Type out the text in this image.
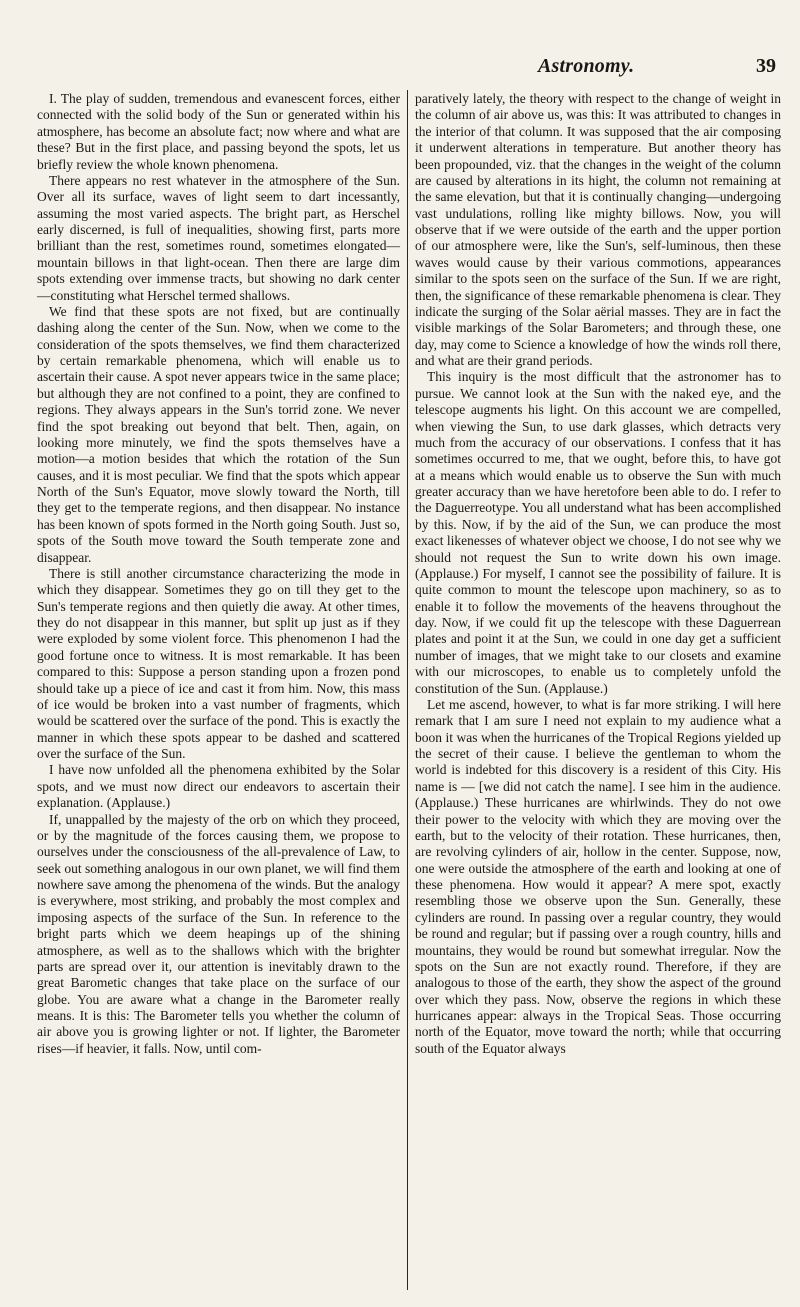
Astronomy.	39

I. The play of sudden, tremendous and evanescent forces, either connected with the solid body of the Sun or generated within his atmosphere, has become an absolute fact; now where and what are these? But in the first place, and passing beyond the spots, let us briefly review the whole known phenomena.

There appears no rest whatever in the atmosphere of the Sun. Over all its surface, waves of light seem to dart incessantly, assuming the most varied aspects. The bright part, as Herschel early discerned, is full of inequalities, showing first, parts more brilliant than the rest, sometimes round, sometimes elongated—mountain billows in that light-ocean. Then there are large dim spots extending over immense tracts, but showing no dark center—constituting what Herschel termed shallows.

We find that these spots are not fixed, but are continually dashing along the center of the Sun. Now, when we come to the consideration of the spots themselves, we find them characterized by certain remarkable phenomena, which will enable us to ascertain their cause. A spot never appears twice in the same place; but although they are not confined to a point, they are confined to regions. They always appears in the Sun's torrid zone. We never find the spot breaking out beyond that belt. Then, again, on looking more minutely, we find the spots themselves have a motion—a motion besides that which the rotation of the Sun causes, and it is most peculiar. We find that the spots which appear North of the Sun's Equator, move slowly toward the North, till they get to the temperate regions, and then disappear. No instance has been known of spots formed in the North going South. Just so, spots of the South move toward the South temperate zone and disappear.

There is still another circumstance characterizing the mode in which they disappear. Sometimes they go on till they get to the Sun's temperate regions and then quietly die away. At other times, they do not disappear in this manner, but split up just as if they were exploded by some violent force. This phenomenon I had the good fortune once to witness. It is most remarkable. It has been compared to this: Suppose a person standing upon a frozen pond should take up a piece of ice and cast it from him. Now, this mass of ice would be broken into a vast number of fragments, which would be scattered over the surface of the pond. This is exactly the manner in which these spots appear to be dashed and scattered over the surface of the Sun.

I have now unfolded all the phenomena exhibited by the Solar spots, and we must now direct our endeavors to ascertain their explanation. (Applause.)

If, unappalled by the majesty of the orb on which they proceed, or by the magnitude of the forces causing them, we propose to ourselves under the consciousness of the all-prevalence of Law, to seek out something analogous in our own planet, we will find them nowhere save among the phenomena of the winds. But the analogy is everywhere, most striking, and probably the most complex and imposing aspects of the surface of the Sun. In reference to the bright parts which we deem heapings up of the shining atmosphere, as well as to the shallows which with the brighter parts are spread over it, our attention is inevitably drawn to the great Barometic changes that take place on the surface of our globe. You are aware what a change in the Barometer really means. It is this: The Barometer tells you whether the column of air above you is growing lighter or not. If lighter, the Barometer rises—if heavier, it falls. Now, until com-

paratively lately, the theory with respect to the change of weight in the column of air above us, was this: It was attributed to changes in the interior of that column. It was supposed that the air composing it underwent alterations in temperature. But another theory has been propounded, viz. that the changes in the weight of the column are caused by alterations in its hight, the column not remaining at the same elevation, but that it is continually changing—undergoing vast undulations, rolling like mighty billows. Now, you will observe that if we were outside of the earth and the upper portion of our atmosphere were, like the Sun's, self-luminous, then these waves would cause by their various commotions, appearances similar to the spots seen on the surface of the Sun. If we are right, then, the significance of these remarkable phenomena is clear. They indicate the surging of the Solar aërial masses. They are in fact the visible markings of the Solar Barometers; and through these, one day, may come to Science a knowledge of how the winds roll there, and what are their grand periods.

This inquiry is the most difficult that the astronomer has to pursue. We cannot look at the Sun with the naked eye, and the telescope augments his light. On this account we are compelled, when viewing the Sun, to use dark glasses, which detracts very much from the accuracy of our observations. I confess that it has sometimes occurred to me, that we ought, before this, to have got at a means which would enable us to observe the Sun with much greater accuracy than we have heretofore been able to do. I refer to the Daguerreotype. You all understand what has been accomplished by this. Now, if by the aid of the Sun, we can produce the most exact likenesses of whatever object we choose, I do not see why we should not request the Sun to write down his own image. (Applause.) For myself, I cannot see the possibility of failure. It is quite common to mount the telescope upon machinery, so as to enable it to follow the movements of the heavens throughout the day. Now, if we could fit up the telescope with these Daguerrean plates and point it at the Sun, we could in one day get a sufficient number of images, that we might take to our closets and examine with our microscopes, to enable us to completely unfold the constitution of the Sun. (Applause.)

Let me ascend, however, to what is far more striking. I will here remark that I am sure I need not explain to my audience what a boon it was when the hurricanes of the Tropical Regions yielded up the secret of their cause. I believe the gentleman to whom the world is indebted for this discovery is a resident of this City. His name is — [we did not catch the name]. I see him in the audience. (Applause.) These hurricanes are whirlwinds. They do not owe their power to the velocity with which they are moving over the earth, but to the velocity of their rotation. These hurricanes, then, are revolving cylinders of air, hollow in the center. Suppose, now, one were outside the atmosphere of the earth and looking at one of these phenomena. How would it appear? A mere spot, exactly resembling those we observe upon the Sun. Generally, these cylinders are round. In passing over a regular country, they would be round and regular; but if passing over a rough country, hills and mountains, they would be round but somewhat irregular. Now the spots on the Sun are not exactly round. Therefore, if they are analogous to those of the earth, they show the aspect of the ground over which they pass. Now, observe the regions in which these hurricanes appear: always in the Tropical Seas. Those occurring north of the Equator, move toward the north; while that occurring south of the Equator always
